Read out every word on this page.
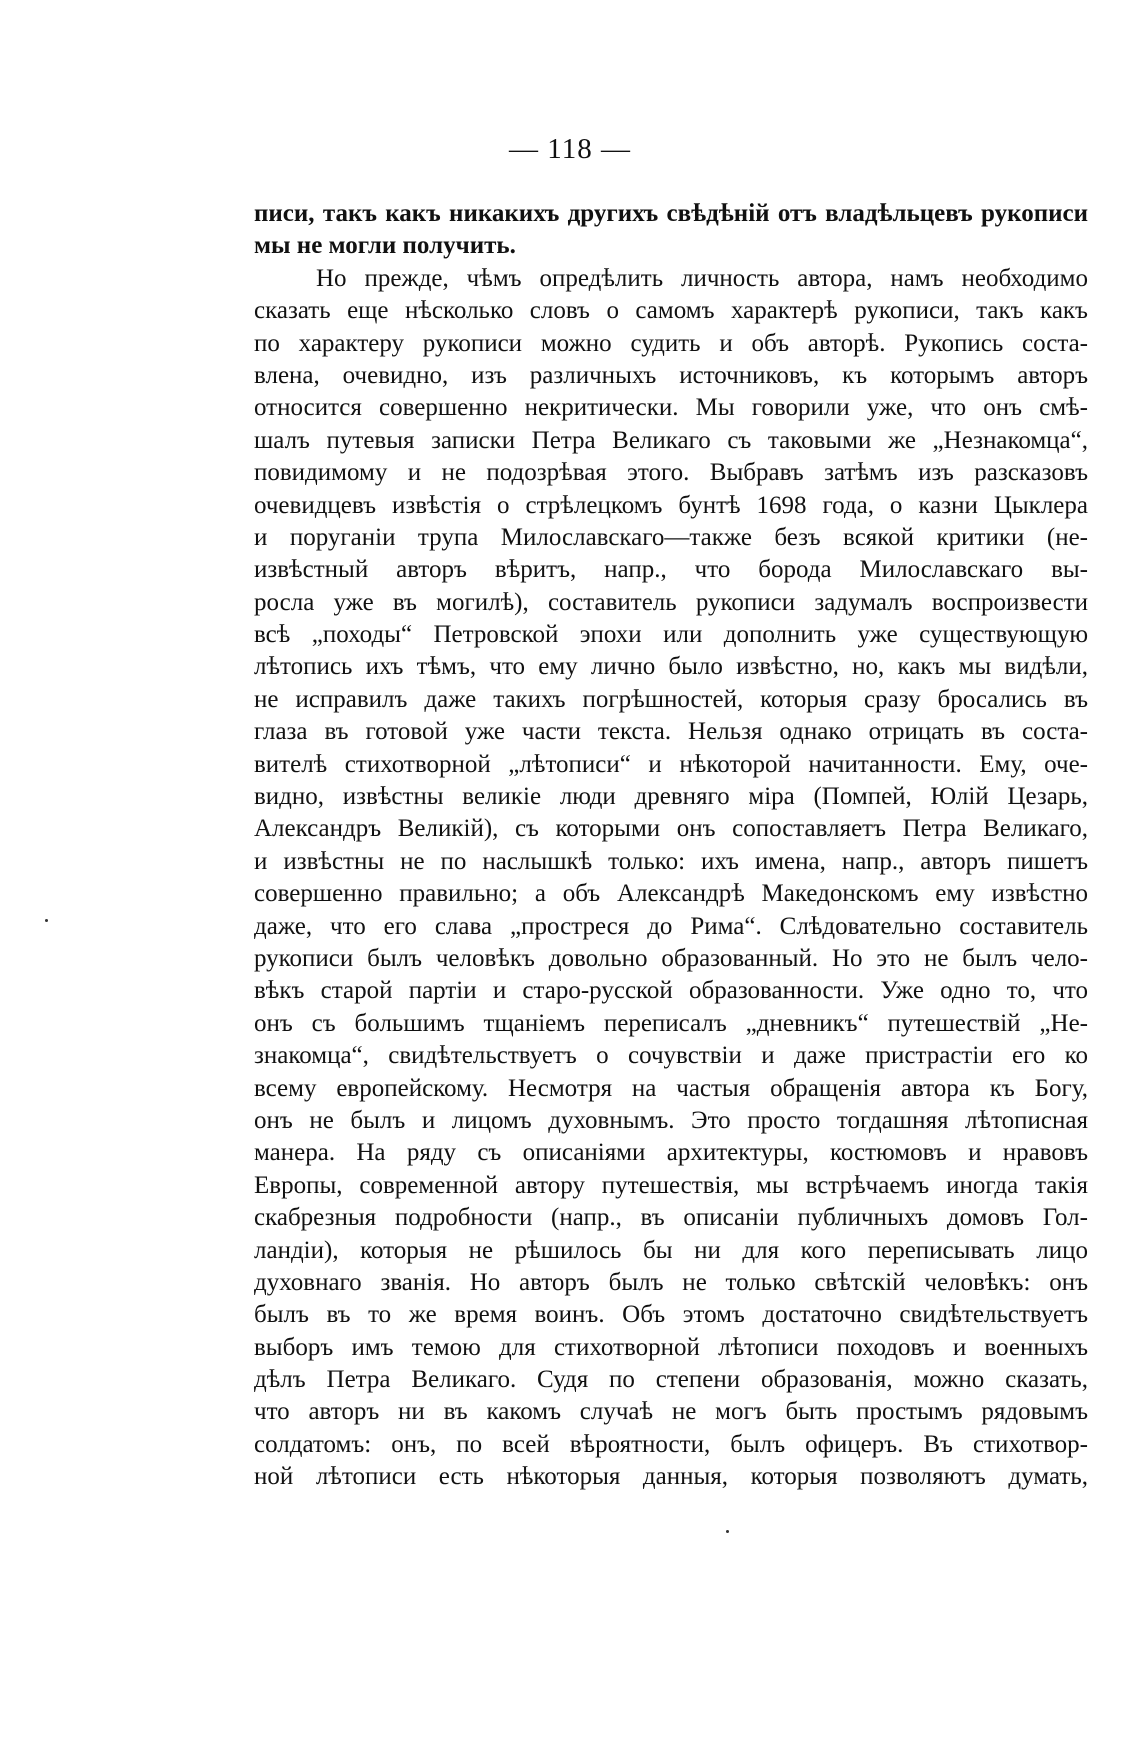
— 118 —
писи, такъ какъ никакихъ другихъ свѣдѣній отъ владѣльцевъ рукописи
мы не могли получить.
Но прежде, чѣмъ опредѣлить личность автора, намъ необходимо
сказать еще нѣсколько словъ о самомъ характерѣ рукописи, такъ какъ
по характеру рукописи можно судить и объ авторѣ. Рукопись соста-
влена, очевидно, изъ различныхъ источниковъ, къ которымъ авторъ
относится совершенно некритически. Мы говорили уже, что онъ смѣ-
шалъ путевыя записки Петра Великаго съ таковыми же „Незнакомца“,
повидимому и не подозрѣвая этого. Выбравъ затѣмъ изъ разсказовъ
очевидцевъ извѣстія о стрѣлецкомъ бунтѣ 1698 года, о казни Цыклера
и поруганіи трупа Милославскаго—также безъ всякой критики (не-
извѣстный авторъ вѣритъ, напр., что борода Милославскаго вы-
росла уже въ могилѣ), составитель рукописи задумалъ воспроизвести
всѣ „походы“ Петровской эпохи или дополнить уже существующую
лѣтопись ихъ тѣмъ, что ему лично было извѣстно, но, какъ мы видѣли,
не исправилъ даже такихъ погрѣшностей, которыя сразу бросались въ
глаза въ готовой уже части текста. Нельзя однако отрицать въ соста-
вителѣ стихотворной „лѣтописи“ и нѣкоторой начитанности. Ему, оче-
видно, извѣстны великіе люди древняго міра (Помпей, Юлій Цезарь,
Александръ Великій), съ которыми онъ сопоставляетъ Петра Великаго,
и извѣстны не по наслышкѣ только: ихъ имена, напр., авторъ пишетъ
совершенно правильно; а объ Александрѣ Македонскомъ ему извѣстно
даже, что его слава „простреся до Рима“. Слѣдовательно составитель
рукописи былъ человѣкъ довольно образованный. Но это не былъ чело-
вѣкъ старой партіи и старо-русской образованности. Уже одно то, что
онъ съ большимъ тщаніемъ переписалъ „дневникъ“ путешествій „Не-
знакомца“, свидѣтельствуетъ о сочувствіи и даже пристрастіи его ко
всему европейскому. Несмотря на частыя обращенія автора къ Богу,
онъ не былъ и лицомъ духовнымъ. Это просто тогдашняя лѣтописная
манера. На ряду съ описаніями архитектуры, костюмовъ и нравовъ
Европы, современной автору путешествія, мы встрѣчаемъ иногда такія
скабрезныя подробности (напр., въ описаніи публичныхъ домовъ Гол-
ландіи), которыя не рѣшилось бы ни для кого переписывать лицо
духовнаго званія. Но авторъ былъ не только свѣтскій человѣкъ: онъ
былъ въ то же время воинъ. Объ этомъ достаточно свидѣтельствуетъ
выборъ имъ темою для стихотворной лѣтописи походовъ и военныхъ
дѣлъ Петра Великаго. Судя по степени образованія, можно сказать,
что авторъ ни въ какомъ случаѣ не могъ быть простымъ рядовымъ
солдатомъ: онъ, по всей вѣроятности, былъ офицеръ. Въ стихотвор-
ной лѣтописи есть нѣкоторыя данныя, которыя позволяютъ думать,
